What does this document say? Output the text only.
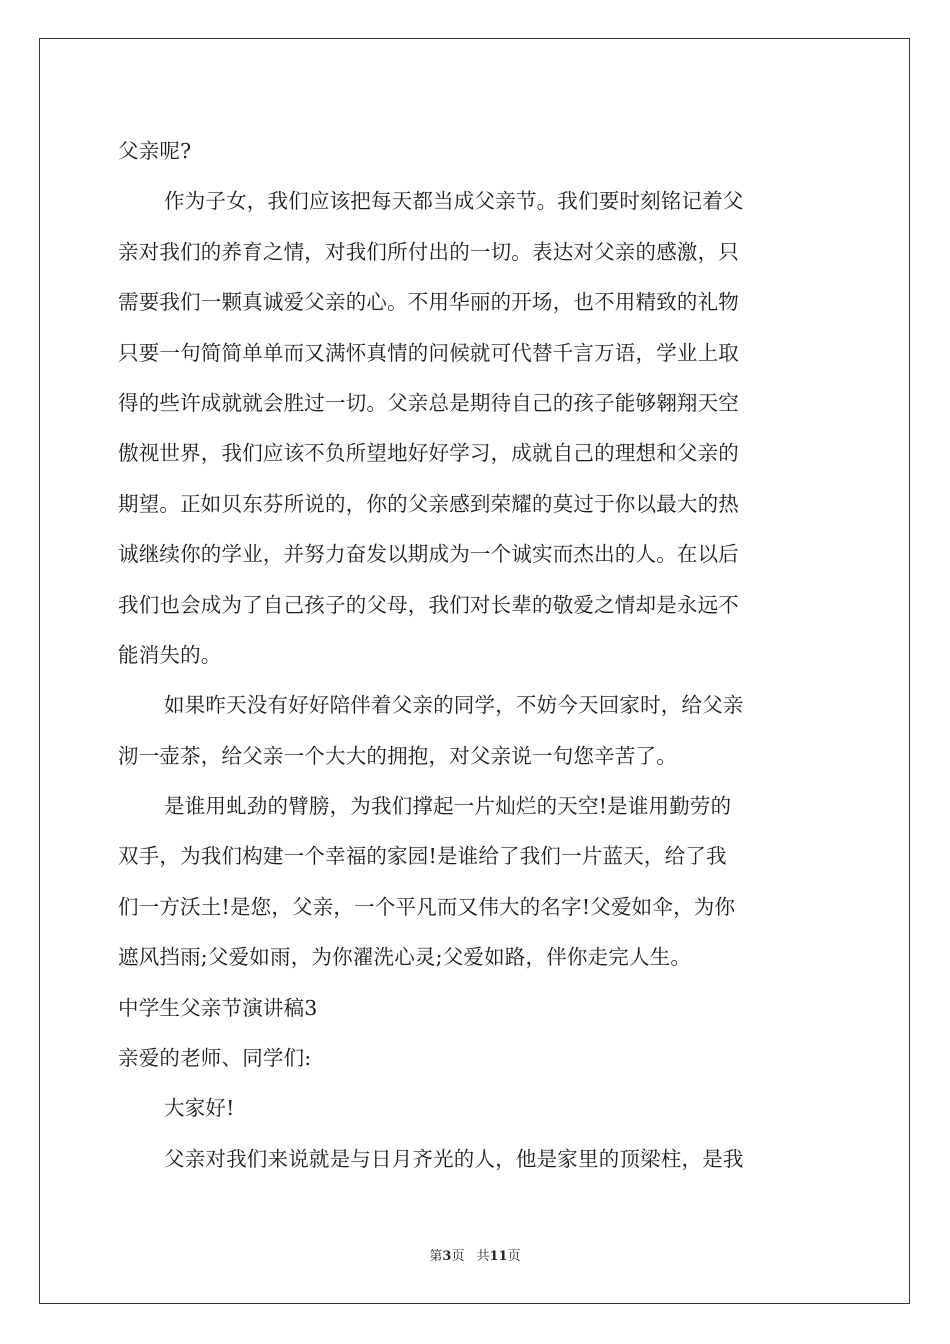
父亲呢?
作为子女，我们应该把每天都当成父亲节。我们要时刻铭记着父
亲对我们的养育之情，对我们所付出的一切。表达对父亲的感激，只
需要我们一颗真诚爱父亲的心。不用华丽的开场，也不用精致的礼物
只要一句简简单单而又满怀真情的问候就可代替千言万语，学业上取
得的些许成就就会胜过一切。父亲总是期待自己的孩子能够翱翔天空
傲视世界，我们应该不负所望地好好学习，成就自己的理想和父亲的
期望。正如贝东芬所说的，你的父亲感到荣耀的莫过于你以最大的热
诚继续你的学业，并努力奋发以期成为一个诚实而杰出的人。在以后
我们也会成为了自己孩子的父母，我们对长辈的敬爱之情却是永远不
能消失的。
如果昨天没有好好陪伴着父亲的同学，不妨今天回家时，给父亲
沏一壶茶，给父亲一个大大的拥抱，对父亲说一句您辛苦了。
是谁用虬劲的臂膀，为我们撑起一片灿烂的天空!是谁用勤劳的
双手，为我们构建一个幸福的家园!是谁给了我们一片蓝天，给了我
们一方沃土!是您，父亲，一个平凡而又伟大的名字!父爱如伞，为你
遮风挡雨;父爱如雨，为你濯洗心灵;父爱如路，伴你走完人生。
中学生父亲节演讲稿3
亲爱的老师、同学们:
大家好!
父亲对我们来说就是与日月齐光的人，他是家里的顶梁柱，是我
第3页 共11页
